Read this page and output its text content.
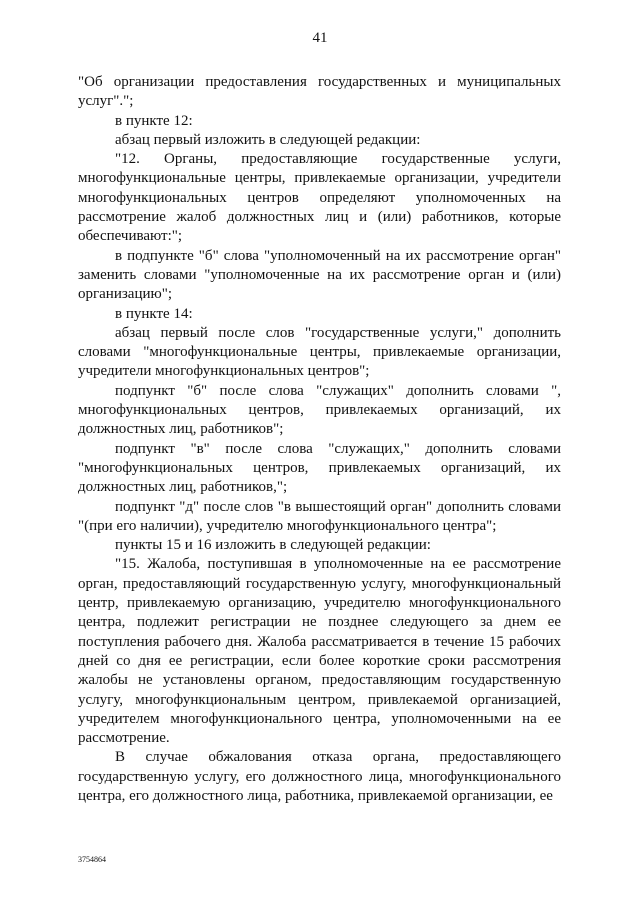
41

"Об организации предоставления государственных и муниципальных услуг".";

в пункте 12:

абзац первый изложить в следующей редакции:

"12. Органы, предоставляющие государственные услуги, многофункциональные центры, привлекаемые организации, учредители многофункциональных центров определяют уполномоченных на рассмотрение жалоб должностных лиц и (или) работников, которые обеспечивают:";

в подпункте "б" слова "уполномоченный на их рассмотрение орган" заменить словами "уполномоченные на их рассмотрение орган и (или) организацию";

в пункте 14:

абзац первый после слов "государственные услуги," дополнить словами "многофункциональные центры, привлекаемые организации, учредители многофункциональных центров";

подпункт "б" после слова "служащих" дополнить словами ", многофункциональных центров, привлекаемых организаций, их должностных лиц, работников";

подпункт "в" после слова "служащих," дополнить словами "многофункциональных центров, привлекаемых организаций, их должностных лиц, работников,";

подпункт "д" после слов "в вышестоящий орган" дополнить словами "(при его наличии), учредителю многофункционального центра";

пункты 15 и 16 изложить в следующей редакции:

"15. Жалоба, поступившая в уполномоченные на ее рассмотрение орган, предоставляющий государственную услугу, многофункциональный центр, привлекаемую организацию, учредителю многофункционального центра, подлежит регистрации не позднее следующего за днем ее поступления рабочего дня. Жалоба рассматривается в течение 15 рабочих дней со дня ее регистрации, если более короткие сроки рассмотрения жалобы не установлены органом, предоставляющим государственную услугу, многофункциональным центром, привлекаемой организацией, учредителем многофункционального центра, уполномоченными на ее рассмотрение.

В случае обжалования отказа органа, предоставляющего государственную услугу, его должностного лица, многофункционального центра, его должностного лица, работника, привлекаемой организации, ее

3754864
